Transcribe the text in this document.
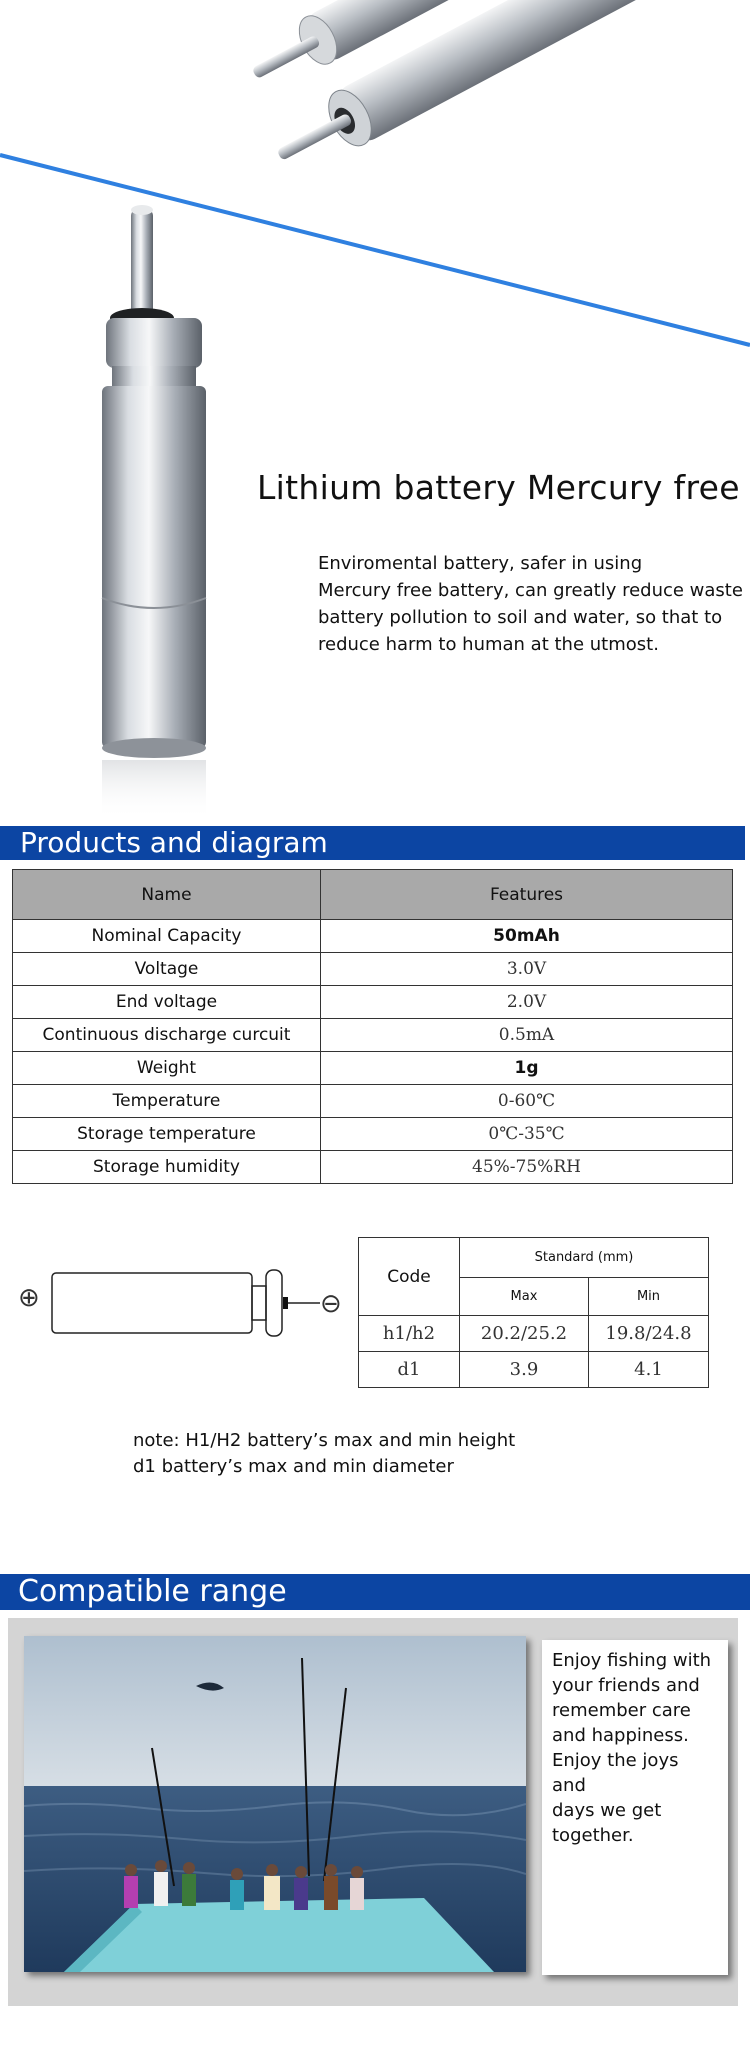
Lithium battery Mercury free

Enviromental battery, safer in using

Mercury free battery, can greatly reduce waste

battery pollution to soil and water, so that to

reduce harm to human at the utmost.

Products and diagram
Name	Features
Nominal Capacity	50mAh
Voltage	3.0V
End voltage	2.0V
Continuous discharge curcuit	0.5mA
Weight	1g
Temperature	0-60℃
Storage temperature	0℃-35℃
Storage humidity	45%-75%RH
⊕	⊖
Code	Standard (mm)	
	Max	Min
h1/h2	20.2/25.2	19.8/24.8
d1	3.9	4.1

note: H1/H2 battery’s max and min height

d1 battery’s max and min diameter

Compatible range

Enjoy fishing with

your friends and

remember care

and happiness.

Enjoy the joys and

days we get

together.
